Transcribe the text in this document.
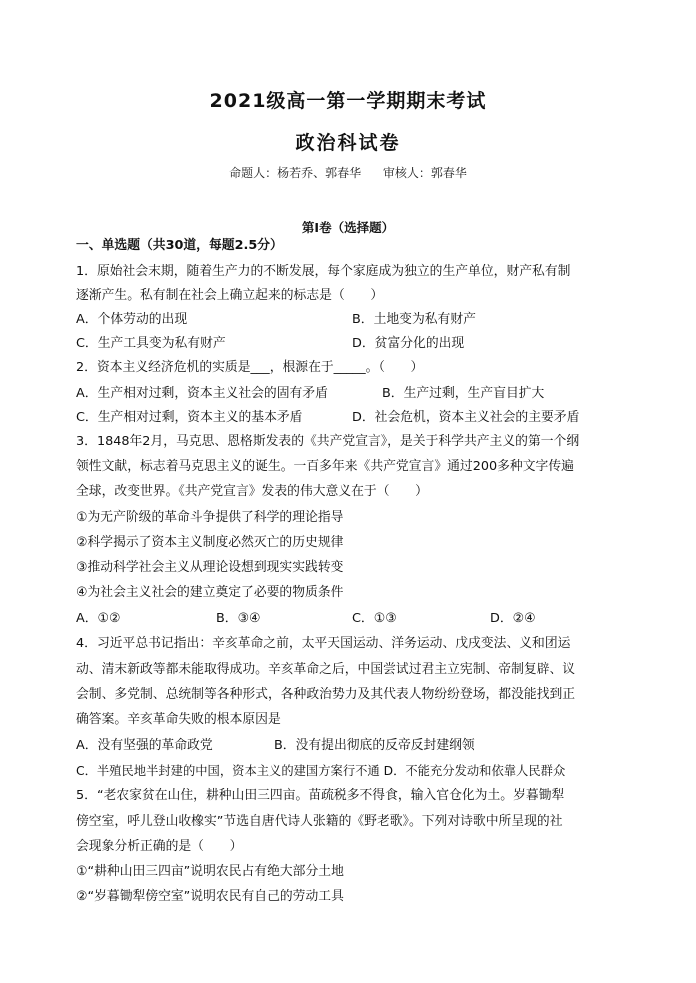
2021级高一第一学期期末考试
政治科试卷
命题人：杨若乔、郭春华 审核人：郭春华
第Ⅰ卷（选择题）
一、单选题（共30道，每题2.5分）
1．原始社会末期，随着生产力的不断发展，每个家庭成为独立的生产单位，财产私有制
逐渐产生。私有制在社会上确立起来的标志是（　　）
A．个体劳动的出现	B．土地变为私有财产
C．生产工具变为私有财产	D．贫富分化的出现
2．资本主义经济危机的实质是___，根源在于_____。（　　）
A．生产相对过剩，资本主义社会的固有矛盾	B．生产过剩，生产盲目扩大
C．生产相对过剩，资本主义的基本矛盾	D．社会危机，资本主义社会的主要矛盾
3．1848年2月，马克思、恩格斯发表的《共产党宣言》，是关于科学共产主义的第一个纲
领性文献，标志着马克思主义的诞生。一百多年来《共产党宣言》通过200多种文字传遍
全球，改变世界。《共产党宣言》发表的伟大意义在于（　　）
①为无产阶级的革命斗争提供了科学的理论指导
②科学揭示了资本主义制度必然灭亡的历史规律
③推动科学社会主义从理论设想到现实实践转变
④为社会主义社会的建立奠定了必要的物质条件
A．①②	B．③④	C．①③	D．②④
4．习近平总书记指出：辛亥革命之前，太平天国运动、洋务运动、戊戌变法、义和团运
动、清末新政等都未能取得成功。辛亥革命之后，中国尝试过君主立宪制、帝制复辟、议
会制、多党制、总统制等各种形式，各种政治势力及其代表人物纷纷登场，都没能找到正
确答案。辛亥革命失败的根本原因是
A．没有坚强的革命政党	B．没有提出彻底的反帝反封建纲领
C．半殖民地半封建的中国，资本主义的建国方案行不通 D．不能充分发动和依靠人民群众
5．“老农家贫在山住，耕种山田三四亩。苗疏税多不得食，输入官仓化为土。岁暮锄犁
傍空室，呼儿登山收橡实”节选自唐代诗人张籍的《野老歌》。下列对诗歌中所呈现的社
会现象分析正确的是（　　）
①“耕种山田三四亩”说明农民占有绝大部分土地
②“岁暮锄犁傍空室”说明农民有自己的劳动工具
